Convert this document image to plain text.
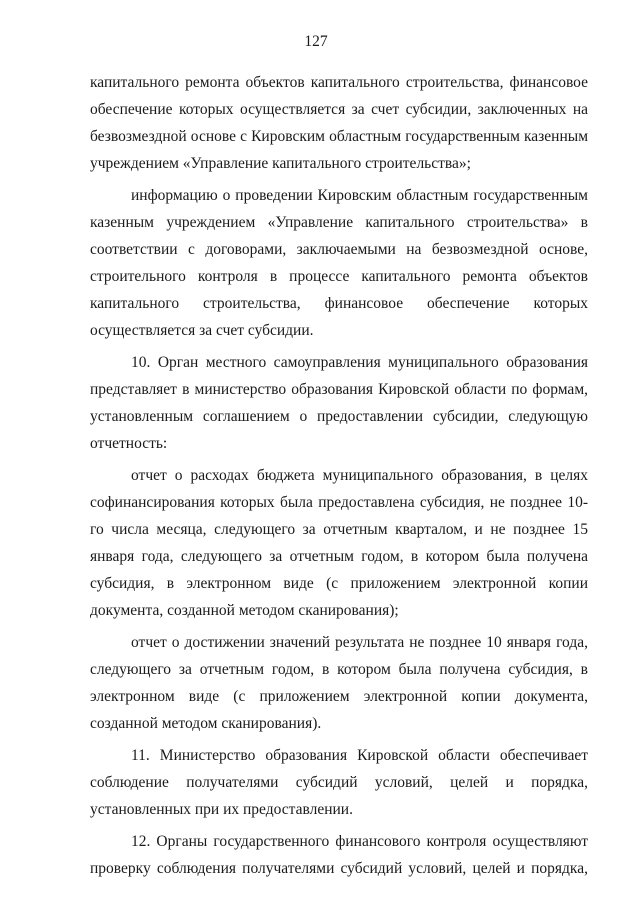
127

капитального ремонта объектов капитального строительства, финансовое обеспечение которых осуществляется за счет субсидии, заключенных на безвозмездной основе с Кировским областным государственным казенным учреждением «Управление капитального строительства»;

информацию о проведении Кировским областным государственным казенным учреждением «Управление капитального строительства» в соответствии с договорами, заключаемыми на безвозмездной основе, строительного контроля в процессе капитального ремонта объектов капитального строительства, финансовое обеспечение которых осуществляется за счет субсидии.

10. Орган местного самоуправления муниципального образования представляет в министерство образования Кировской области по формам, установленным соглашением о предоставлении субсидии, следующую отчетность:

отчет о расходах бюджета муниципального образования, в целях софинансирования которых была предоставлена субсидия, не позднее 10-го числа месяца, следующего за отчетным кварталом, и не позднее 15 января года, следующего за отчетным годом, в котором была получена субсидия, в электронном виде (с приложением электронной копии документа, созданной методом сканирования);

отчет о достижении значений результата не позднее 10 января года, следующего за отчетным годом, в котором была получена субсидия, в электронном виде (с приложением электронной копии документа, созданной методом сканирования).

11. Министерство образования Кировской области обеспечивает соблюдение получателями субсидий условий, целей и порядка, установленных при их предоставлении.

12. Органы государственного финансового контроля осуществляют проверку соблюдения получателями субсидий условий, целей и порядка,
